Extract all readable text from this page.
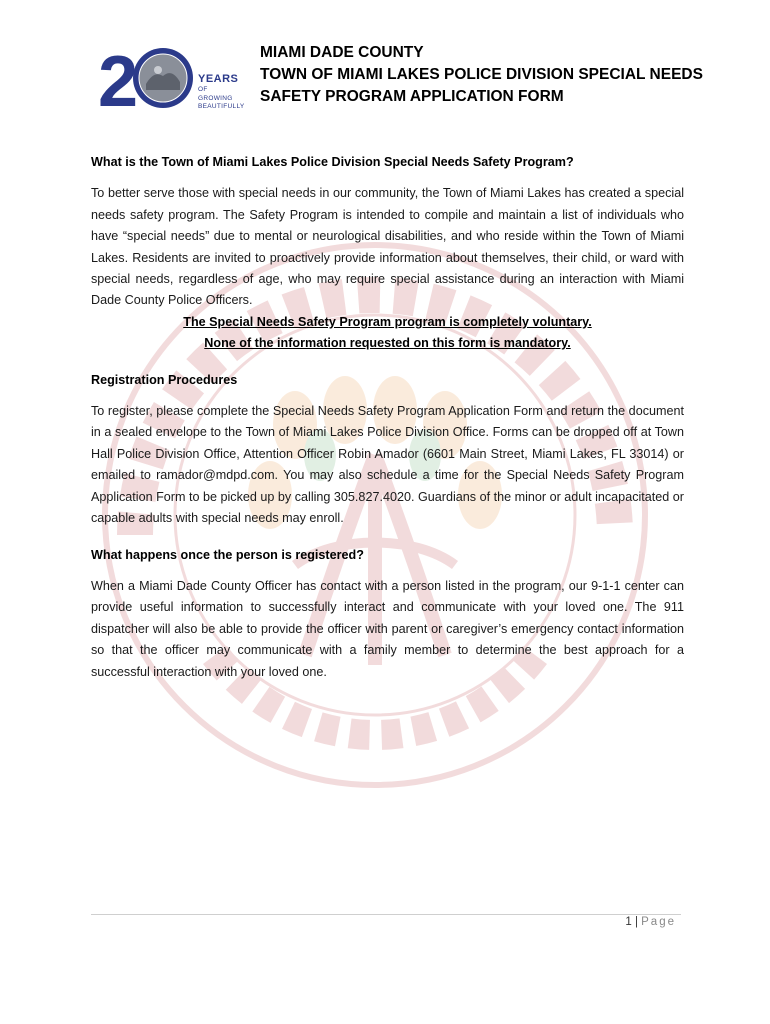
2	YEARS
OF
GROWING
BEAUTIFULLY
MIAMI DADE COUNTY
TOWN OF MIAMI LAKES POLICE DIVISION SPECIAL NEEDS
SAFETY PROGRAM APPLICATION FORM

What is the Town of Miami Lakes Police Division Special Needs Safety Program?

To better serve those with special needs in our community, the Town of Miami Lakes has created a special needs safety program. The Safety Program is intended to compile and maintain a list of individuals who have “special needs” due to mental or neurological disabilities, and who reside within the Town of Miami Lakes. Residents are invited to proactively provide information about themselves, their child, or ward with special needs, regardless of age, who may require special assistance during an interaction with Miami Dade County Police Officers.

The Special Needs Safety Program program is completely voluntary.
None of the information requested on this form is mandatory.

Registration Procedures

To register, please complete the Special Needs Safety Program Application Form and return the document in a sealed envelope to the Town of Miami Lakes Police Division Office. Forms can be dropped off at Town Hall Police Division Office, Attention Officer Robin Amador (6601 Main Street, Miami Lakes, FL 33014) or emailed to ramador@mdpd.com. You may also schedule a time for the Special Needs Safety Program Application Form to be picked up by calling 305.827.4020. Guardians of the minor or adult incapacitated or capable adults with special needs may enroll.

What happens once the person is registered?

When a Miami Dade County Officer has contact with a person listed in the program, our 9-1-1 center can provide useful information to successfully interact and communicate with your loved one. The 911 dispatcher will also be able to provide the officer with parent or caregiver’s emergency contact information so that the officer may communicate with a family member to determine the best approach for a successful interaction with your loved one.

1 | Page
